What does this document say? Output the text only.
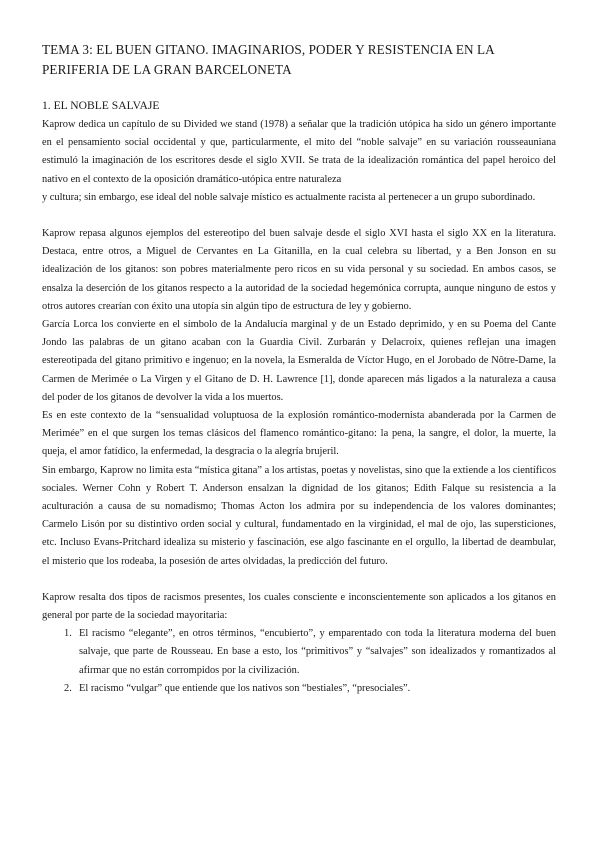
TEMA 3: EL BUEN GITANO. IMAGINARIOS, PODER Y RESISTENCIA EN LA PERIFERIA DE LA GRAN BARCELONETA
1. EL NOBLE SALVAJE

Kaprow dedica un capítulo de su Divided we stand (1978) a señalar que la tradición utópica ha sido un género importante en el pensamiento social occidental y que, particularmente, el mito del “noble salvaje” en su variación rousseauniana estimuló la imaginación de los escritores desde el siglo XVII. Se trata de la idealización romántica del papel heroico del nativo en el contexto de la oposición dramático-utópica entre naturaleza

y cultura; sin embargo, ese ideal del noble salvaje místico es actualmente racista al pertenecer a un grupo subordinado.

Kaprow repasa algunos ejemplos del estereotipo del buen salvaje desde el siglo XVI hasta el siglo XX en la literatura. Destaca, entre otros, a Miguel de Cervantes en La Gitanilla, en la cual celebra su libertad, y a Ben Jonson en su idealización de los gitanos: son pobres materialmente pero ricos en su vida personal y su sociedad. En ambos casos, se ensalza la deserción de los gitanos respecto a la autoridad de la sociedad hegemónica corrupta, aunque ninguno de estos y otros autores crearían con éxito una utopía sin algún tipo de estructura de ley y gobierno.

García Lorca los convierte en el símbolo de la Andalucía marginal y de un Estado deprimido, y en su Poema del Cante Jondo las palabras de un gitano acaban con la Guardia Civil. Zurbarán y Delacroix, quienes reflejan una imagen estereotipada del gitano primitivo e ingenuo; en la novela, la Esmeralda de Víctor Hugo, en el Jorobado de Nôtre-Dame, la Carmen de Merimée o La Virgen y el Gitano de D. H. Lawrence [1], donde aparecen más ligados a la naturaleza a causa del poder de los gitanos de devolver la vida a los muertos.

Es en este contexto de la “sensualidad voluptuosa de la explosión romántico-modernista abanderada por la Carmen de Merimée” en el que surgen los temas clásicos del flamenco romántico-gitano: la pena, la sangre, el dolor, la muerte, la queja, el amor fatídico, la enfermedad, la desgracia o la alegría brujeril.

Sin embargo, Kaprow no limita esta “mística gitana” a los artistas, poetas y novelistas, sino que la extiende a los científicos sociales. Werner Cohn y Robert T. Anderson ensalzan la dignidad de los gitanos; Edith Falque su resistencia a la aculturación a causa de su nomadismo; Thomas Acton los admira por su independencia de los valores dominantes; Carmelo Lisón por su distintivo orden social y cultural, fundamentado en la virginidad, el mal de ojo, las supersticiones, etc. Incluso Evans-Pritchard idealiza su misterio y fascinación, ese algo fascinante en el orgullo, la libertad de deambular, el misterio que los rodeaba, la posesión de artes olvidadas, la predicción del futuro.

Kaprow resalta dos tipos de racismos presentes, los cuales consciente e inconscientemente son aplicados a los gitanos en general por parte de la sociedad mayoritaria:

1. El racismo “elegante”, en otros términos, “encubierto”, y emparentado con toda la literatura moderna del buen salvaje, que parte de Rousseau. En base a esto, los “primitivos” y “salvajes” son idealizados y romantizados al afirmar que no están corrompidos por la civilización.
2. El racismo “vulgar” que entiende que los nativos son “bestiales”, “presociales”.
